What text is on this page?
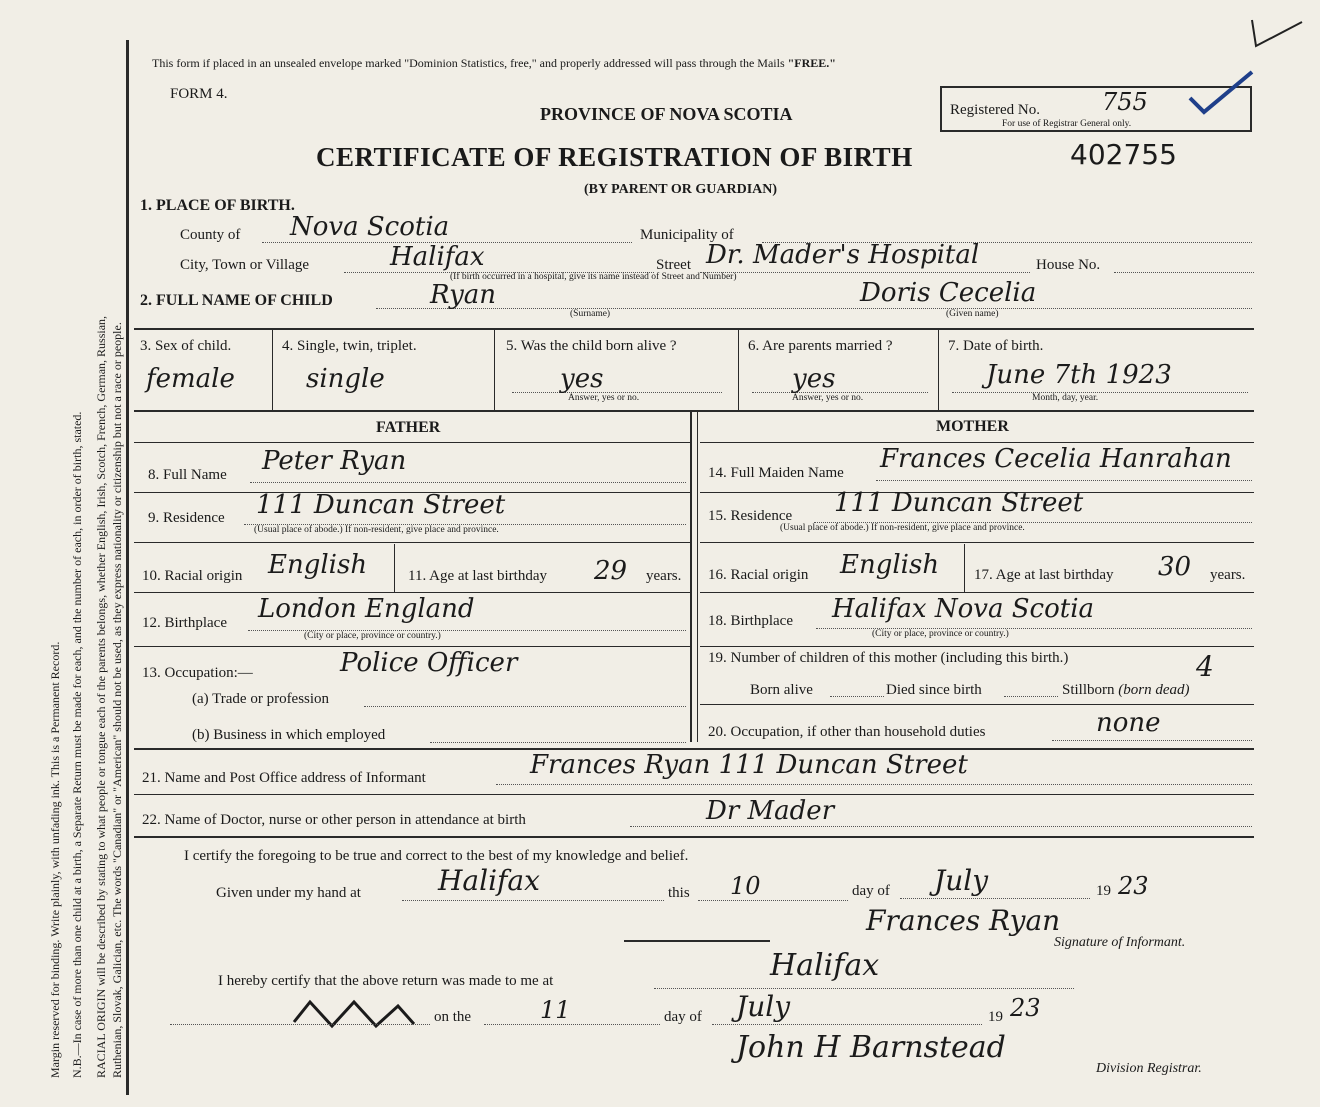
Margin reserved for binding. Write plainly, with unfading ink. This is a Permanent Record. N.B.—In case of more than one child at a birth, a Separate Return must be made for each, and the number of each, in order of birth, stated. RACIAL ORIGIN will be described by stating to what people or tongue each of the parents belongs, whether English, Irish, Scotch, French, German, Russian, Ruthenian, Slovak, Galician, etc. The words "Canadian" or "American" should not be used, as they express nationality or citizenship but not a race or people.
This form if placed in an unsealed envelope marked "Dominion Statistics, free," and properly addressed will pass through the Mails "FREE."
FORM 4.
PROVINCE OF NOVA SCOTIA	Registered No.	755
For use of Registrar General only.
CERTIFICATE OF REGISTRATION OF BIRTH	402755
(BY PARENT OR GUARDIAN)
1. PLACE OF BIRTH.
County of Nova Scotia	Municipality of
City, Town or Village	Halifax	Street Dr. Mader's Hospital	House No.
(If birth occurred in a hospital, give its name instead of Street and Number)
2. FULL NAME OF CHILD	Ryan
(Surname)
Doris Cecelia
(Given name)
3. Sex of child.
female
4. Single, twin, triplet.
single
5. Was the child born alive ?
yes
Answer, yes or no.
6. Are parents married ?
yes
Answer, yes or no.
7. Date of birth.
June 7th 1923
Month, day, year.
FATHER	MOTHER
8. Full Name Peter Ryan
9. Residence 111 Duncan Street
(Usual place of abode.) If non-resident, give place and province.
10. Racial origin English	11. Age at last birthday 29 years.
12. Birthplace London England
(City or place, province or country.)
13. Occupation:—	Police Officer
(a) Trade or profession
(b) Business in which employed
14. Full Maiden Name Frances Cecelia Hanrahan
15. Residence 111 Duncan Street
(Usual place of abode.) If non-resident, give place and province.
16. Racial origin English 17. Age at last birthday 30 years.
18. Birthplace Halifax Nova Scotia
(City or place, province or country.)
19. Number of children of this mother (including this birth.)	4
Born alive	Died since birth	Stillborn (born dead)
20. Occupation, if other than household duties	none
21. Name and Post Office address of Informant	Frances Ryan 111 Duncan Street
22. Name of Doctor, nurse or other person in attendance at birth	Dr Mader
I certify the foregoing to be true and correct to the best of my knowledge and belief.
Given under my hand at	Halifax	this 10	day of July	19 23
Frances Ryan
Signature of Informant.
I hereby certify that the above return was made to me at	Halifax
on the	11	day of July	19 23
John H Barnstead
Division Registrar.
